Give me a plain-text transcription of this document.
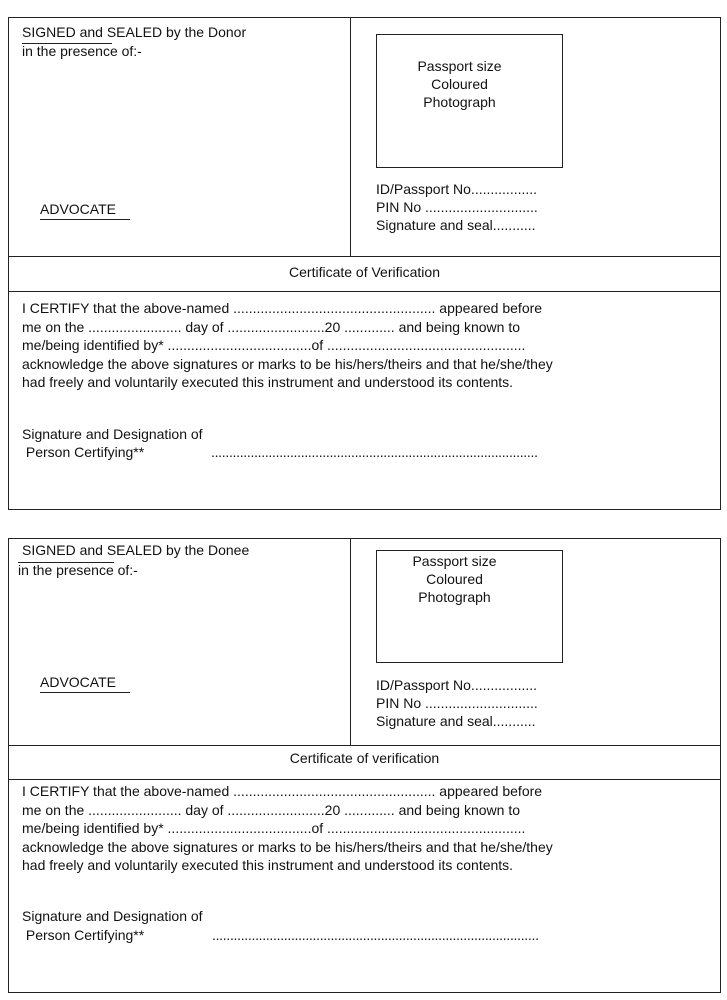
SIGNED and SEALED by the Donor
in the presence of:-
ADVOCATE
Passport size
Coloured
Photograph
ID/Passport No.................
PIN No .............................
Signature and seal...........
Certificate of Verification
I CERTIFY that the above-named .................................................... appeared before
me on the ........................ day of .........................20 ............. and being known to
me/being identified by* .....................................of ...................................................
acknowledge the above signatures or marks to be his/hers/theirs and that he/she/they
had freely and voluntarily executed this instrument and understood its contents.
Signature and Designation of
Person Certifying**	...........................................................................................
SIGNED and SEALED by the Donee
in the presence of:-
ADVOCATE
Passport size
Coloured
Photograph
ID/Passport No.................
PIN No .............................
Signature and seal...........
Certificate of verification
I CERTIFY that the above-named .................................................... appeared before
me on the ........................ day of .........................20 ............. and being known to
me/being identified by* .....................................of ...................................................
acknowledge the above signatures or marks to be his/hers/theirs and that he/she/they
had freely and voluntarily executed this instrument and understood its contents.
Signature and Designation of
Person Certifying**	...........................................................................................
